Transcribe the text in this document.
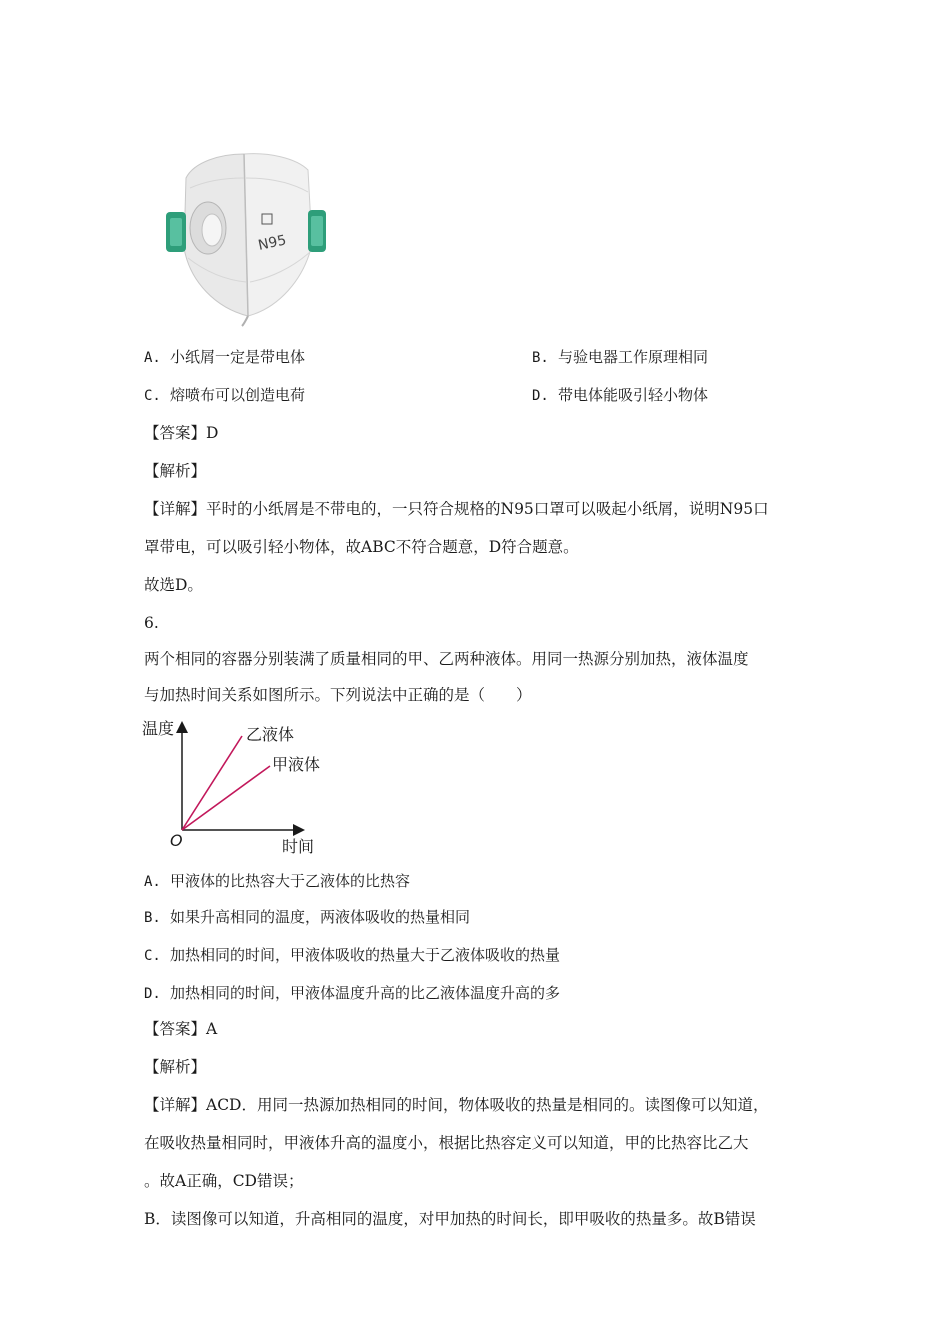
N95
A. 小纸屑一定是带电体	B. 与验电器工作原理相同
C. 熔喷布可以创造电荷	D. 带电体能吸引轻小物体
【答案】D
【解析】
【详解】平时的小纸屑是不带电的，一只符合规格的N95口罩可以吸起小纸屑，说明N95口
罩带电，可以吸引轻小物体，故ABC不符合题意，D符合题意。
故选D。
6.
两个相同的容器分别装满了质量相同的甲、乙两种液体。用同一热源分别加热，液体温度
与加热时间关系如图所示。下列说法中正确的是（　　）
温度
时间
O
乙液体
甲液体
A. 甲液体的比热容大于乙液体的比热容
B. 如果升高相同的温度，两液体吸收的热量相同
C. 加热相同的时间，甲液体吸收的热量大于乙液体吸收的热量
D. 加热相同的时间，甲液体温度升高的比乙液体温度升高的多
【答案】A
【解析】
【详解】ACD．用同一热源加热相同的时间，物体吸收的热量是相同的。读图像可以知道，
在吸收热量相同时，甲液体升高的温度小，根据比热容定义可以知道，甲的比热容比乙大
。故A正确，CD错误；
B．读图像可以知道，升高相同的温度，对甲加热的时间长，即甲吸收的热量多。故B错误
